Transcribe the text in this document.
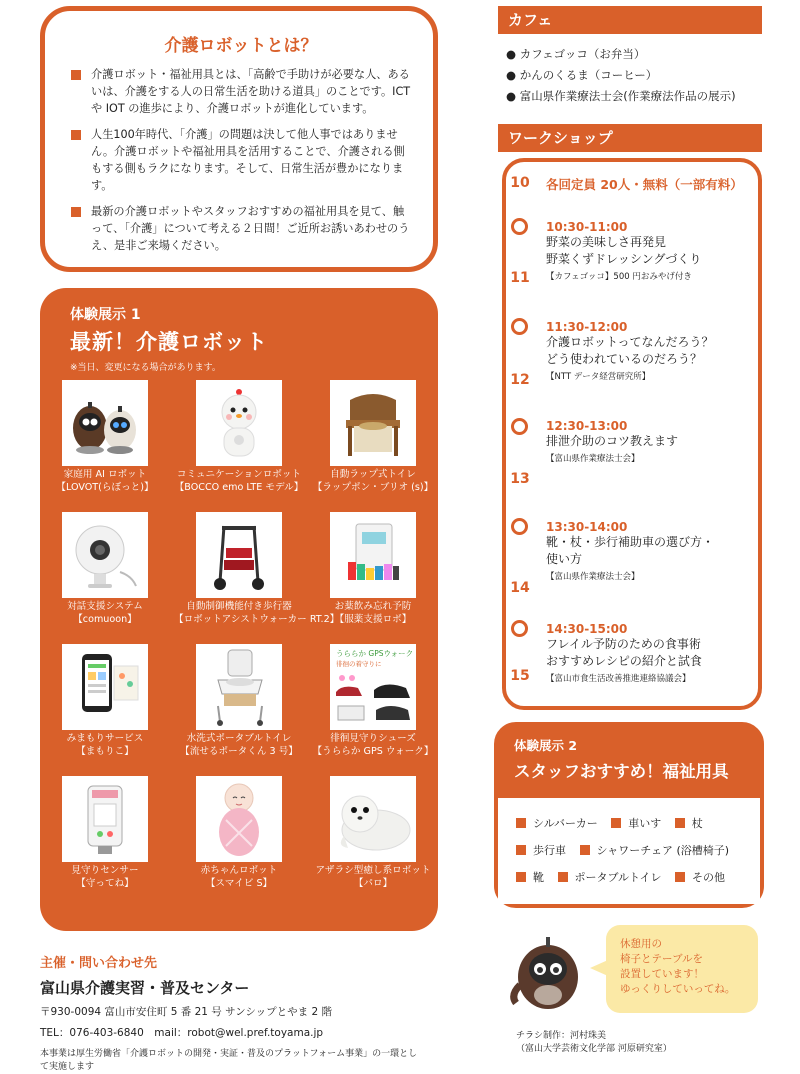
介護ロボットとは？
介護ロボット・福祉用具とは、「高齢で手助けが必要な人、あるいは、介護をする人の日常生活を助ける道具」のことです。ICT や IOT の進歩により、介護ロボットが進化しています。
人生100年時代、「介護」の問題は決して他人事ではありません。介護ロボットや福祉用具を活用することで、介護される側もする側もラクになります。そして、日常生活が豊かになります。
最新の介護ロボットやスタッフおすすめの福祉用具を見て、触って、「介護」について考える２日間！ご近所お誘いあわせのうえ、是非ご来場ください。
体験展示 1
最新！介護ロボット
※当日、変更になる場合があります。
家庭用 AI ロボット
【LOVOT(らぼっと)】
コミュニケーションロボット
【BOCCO emo LTE モデル】
自動ラップ式トイレ
【ラップポン・ブリオ (s)】
対話支援システム
【comuoon】
自動制御機能付き歩行器
【ロボットアシストウォーカー RT.2】
お薬飲み忘れ予防
【服薬支援ロボ】
みまもりサービス
【まもりこ】
水洗式ポータブルトイレ
【流せるポータくん 3 号】
うららか GPSウォーク
徘徊の着守りに
徘徊見守りシューズ
【うららか GPS ウォーク】
見守りセンサー
【守ってね】
赤ちゃんロボット
【スマイビ S】
アザラシ型癒し系ロボット
【パロ】
主催・問い合わせ先
富山県介護実習・普及センター
〒930-0094 富山市安住町 5 番 21 号 サンシップとやま 2 階
TEL：076-403-6840　mail：robot@wel.pref.toyama.jp
本事業は厚生労働省「介護ロボットの開発・実証・普及のプラットフォーム事業」の一環として実施します
カフェ
● カフェゴッコ（お弁当）
● かんのくるま（コーヒー）
● 富山県作業療法士会(作業療法作品の展示)
ワークショップ
10 各回定員 20人・無料（一部有料）
10:30-11:00
野菜の美味しさ再発見
野菜くずドレッシングづくり
【カフェゴッコ】500 円おみやげ付き
11
11:30-12:00
介護ロボットってなんだろう？
どう使われているのだろう？
【NTT データ経営研究所】
12
12:30-13:00
排泄介助のコツ教えます
【富山県作業療法士会】
13
13:30-14:00
靴・杖・歩行補助車の選び方・
使い方
【富山県作業療法士会】
14
14:30-15:00
フレイル予防のための食事術
おすすめレシピの紹介と試食
【富山市食生活改善推進連絡協議会】
15
体験展示 2
スタッフおすすめ！福祉用具
シルバーカー	車いす	杖
歩行車	シャワーチェア (浴槽椅子)
靴	ポータブルトイレ	その他
休憩用の
椅子とテーブルを
設置しています！
ゆっくりしていってね。
チラシ制作：河村珠美
（富山大学芸術文化学部 河原研究室）
